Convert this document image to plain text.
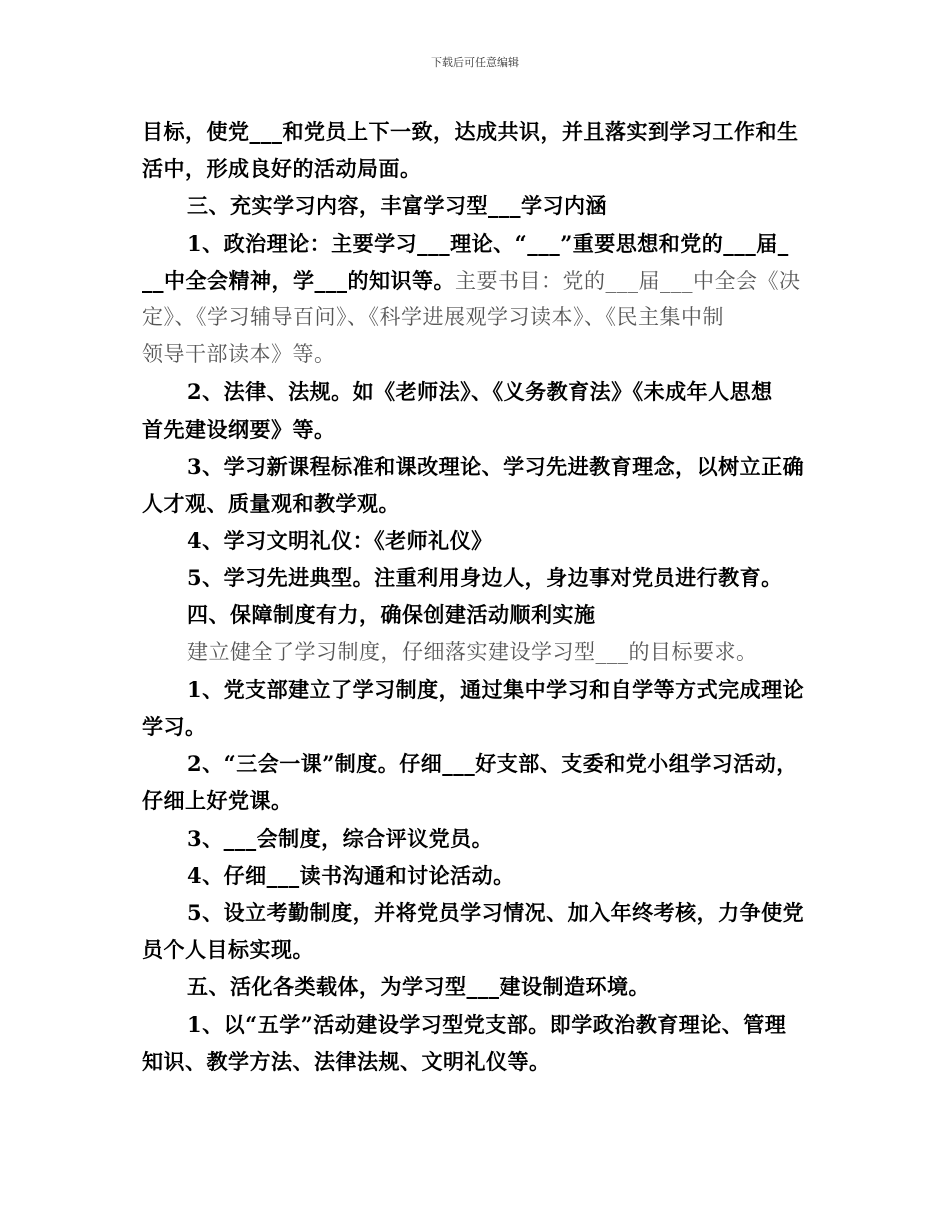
下载后可任意编辑
目标，使党___和党员上下一致，达成共识，并且落实到学习工作和生
活中，形成良好的活动局面。
三、充实学习内容，丰富学习型___学习内涵
1、政治理论：主要学习___理论、“___”重要思想和党的___届_
__中全会精神，学___的知识等。主要书目：党的___届___中全会《决
定》、《学习辅导百问》、《科学进展观学习读本》、《民主集中制
领导干部读本》等。
2、法律、法规。如《老师法》、《义务教育法》《未成年人思想
首先建设纲要》等。
3、学习新课程标准和课改理论、学习先进教育理念，以树立正确
人才观、质量观和教学观。
4、学习文明礼仪：《老师礼仪》
5、学习先进典型。注重利用身边人，身边事对党员进行教育。
四、保障制度有力，确保创建活动顺利实施
建立健全了学习制度，仔细落实建设学习型___的目标要求。
1、党支部建立了学习制度，通过集中学习和自学等方式完成理论
学习。
2、“三会一课”制度。仔细___好支部、支委和党小组学习活动，
仔细上好党课。
3、___会制度，综合评议党员。
4、仔细___读书沟通和讨论活动。
5、设立考勤制度，并将党员学习情况、加入年终考核，力争使党
员个人目标实现。
五、活化各类载体，为学习型___建设制造环境。
1、以“五学”活动建设学习型党支部。即学政治教育理论、管理
知识、教学方法、法律法规、文明礼仪等。
